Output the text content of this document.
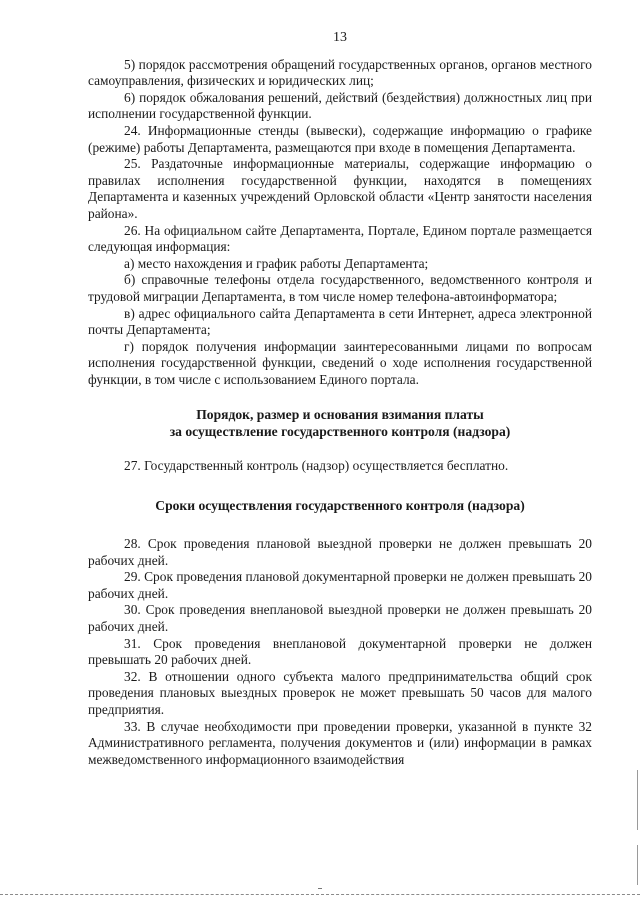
13

5) порядок рассмотрения обращений государственных органов, органов местного самоуправления, физических и юридических лиц;

6) порядок обжалования решений, действий (бездействия) должностных лиц при исполнении государственной функции.

24. Информационные стенды (вывески), содержащие информацию о графике (режиме) работы Департамента, размещаются при входе в помещения Департамента.

25. Раздаточные информационные материалы, содержащие информацию о правилах исполнения государственной функции, находятся в помещениях Департамента и казенных учреждений Орловской области «Центр занятости населения района».

26. На официальном сайте Департамента, Портале, Едином портале размещается следующая информация:

а) место нахождения и график работы Департамента;

б) справочные телефоны отдела государственного, ведомственного контроля и трудовой миграции Департамента, в том числе номер телефона-автоинформатора;

в) адрес официального сайта Департамента в сети Интернет, адреса электронной почты Департамента;

г) порядок получения информации заинтересованными лицами по вопросам исполнения государственной функции, сведений о ходе исполнения государственной функции, в том числе с использованием Единого портала.

Порядок, размер и основания взимания платы
за осуществление государственного контроля (надзора)

27. Государственный контроль (надзор) осуществляется бесплатно.

Сроки осуществления государственного контроля (надзора)

28. Срок проведения плановой выездной проверки не должен превышать 20 рабочих дней.

29. Срок проведения плановой документарной проверки не должен превышать 20 рабочих дней.

30. Срок проведения внеплановой выездной проверки не должен превышать 20 рабочих дней.

31. Срок проведения внеплановой документарной проверки не должен превышать 20 рабочих дней.

32. В отношении одного субъекта малого предпринимательства общий срок проведения плановых выездных проверок не может превышать 50 часов для малого предприятия.

33. В случае необходимости при проведении проверки, указанной в пункте 32 Административного регламента, получения документов и (или) информации в рамках межведомственного информационного взаимодействия
